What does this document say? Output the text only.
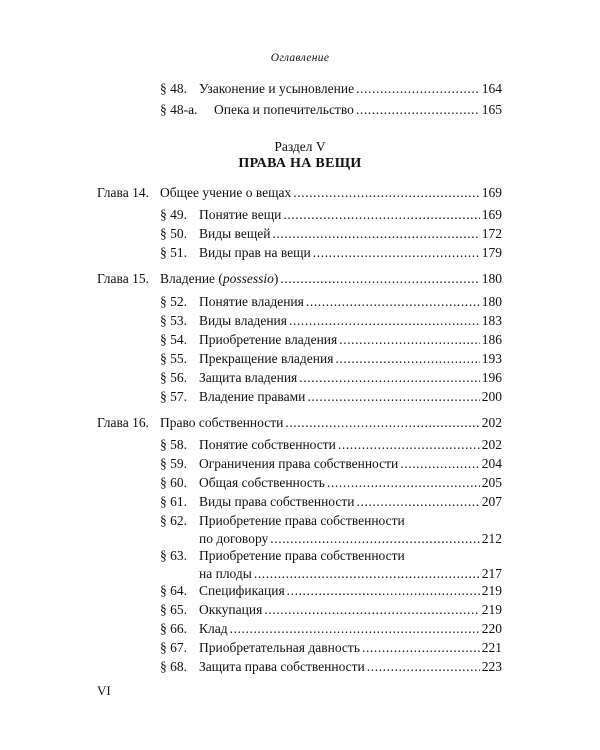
Оглавление
§ 48. Узаконение и усыновление .....	164
§ 48-а. Опека и попечительство .....	165
Раздел V
ПРАВА НА ВЕЩИ
Глава 14. Общее учение о вещах .....	169
§ 49. Понятие вещи .....	169
§ 50. Виды вещей .....	172
§ 51. Виды прав на вещи .....	179
Глава 15. Владение (possessio) .....	180
§ 52. Понятие владения .....	180
§ 53. Виды владения .....	183
§ 54. Приобретение владения .....	186
§ 55. Прекращение владения .....	193
§ 56. Защита владения .....	196
§ 57. Владение правами .....	200
Глава 16. Право собственности .....	202
§ 58. Понятие собственности .....	202
§ 59. Ограничения права собственности .....	204
§ 60. Общая собственность .....	205
§ 61. Виды права собственности .....	207
§ 62. Приобретение права собственности
по договору .....	212
§ 63. Приобретение права собственности
на плоды .....	217
§ 64. Спецификация .....	219
§ 65. Оккупация .....	219
§ 66. Клад .....	220
§ 67. Приобретательная давность .....	221
§ 68. Защита права собственности .....	223
VI
